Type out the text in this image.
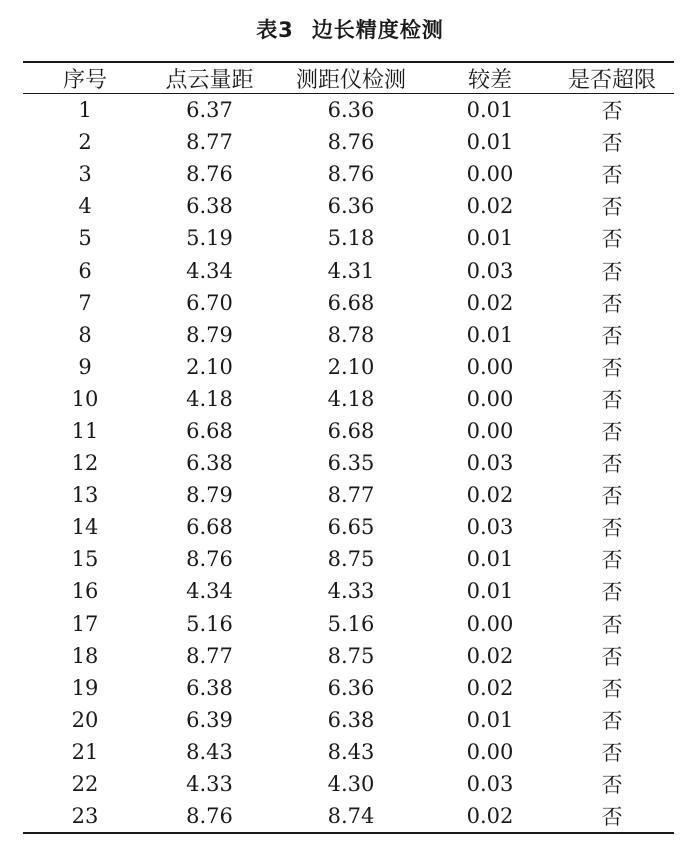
表3 边长精度检测
序号	点云量距	测距仪检测	较差	是否超限
1	6.37	6.36	0.01	否
2	8.77	8.76	0.01	否
3	8.76	8.76	0.00	否
4	6.38	6.36	0.02	否
5	5.19	5.18	0.01	否
6	4.34	4.31	0.03	否
7	6.70	6.68	0.02	否
8	8.79	8.78	0.01	否
9	2.10	2.10	0.00	否
10	4.18	4.18	0.00	否
11	6.68	6.68	0.00	否
12	6.38	6.35	0.03	否
13	8.79	8.77	0.02	否
14	6.68	6.65	0.03	否
15	8.76	8.75	0.01	否
16	4.34	4.33	0.01	否
17	5.16	5.16	0.00	否
18	8.77	8.75	0.02	否
19	6.38	6.36	0.02	否
20	6.39	6.38	0.01	否
21	8.43	8.43	0.00	否
22	4.33	4.30	0.03	否
23	8.76	8.74	0.02	否
